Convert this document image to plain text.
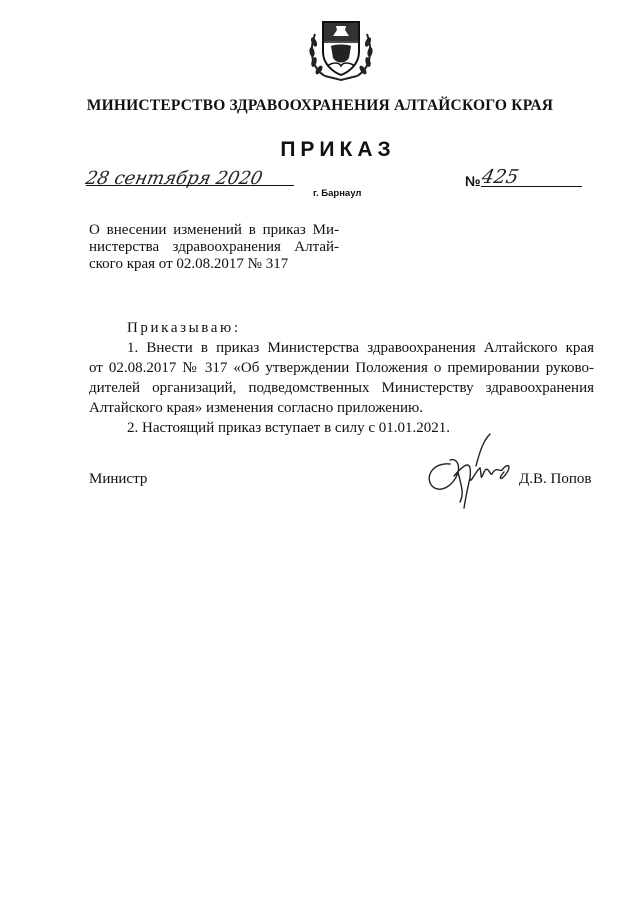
МИНИСТЕРСТВО ЗДРАВООХРАНЕНИЯ АЛТАЙСКОГО КРАЯ
ПРИКАЗ
28 сентября 2020
г. Барнаул
№ 425
О внесении изменений в приказ Ми-
нистерства здравоохранения Алтай-
ского края от 02.08.2017 № 317
Приказываю:
1. Внести в приказ Министерства здравоохранения Алтайского края
от 02.08.2017 № 317 «Об утверждении Положения о премировании руково-
дителей организаций, подведомственных Министерству здравоохранения
Алтайского края» изменения согласно приложению.
2. Настоящий приказ вступает в силу с 01.01.2021.
Министр	Д.В. Попов
